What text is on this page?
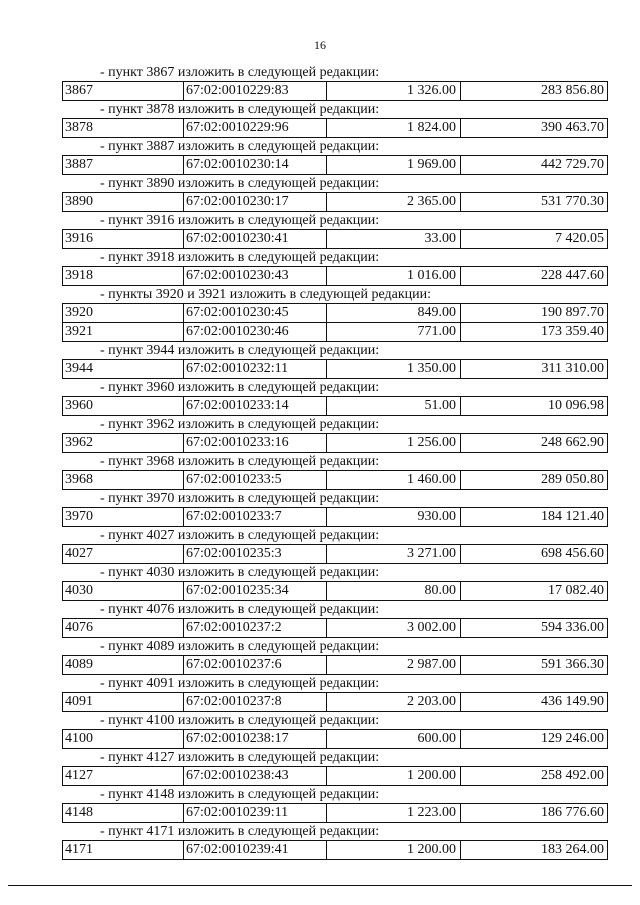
16
- пункт 3867 изложить в следующей редакции:
3867	67:02:0010229:83	1 326.00	283 856.80
- пункт 3878 изложить в следующей редакции:
3878	67:02:0010229:96	1 824.00	390 463.70
- пункт 3887 изложить в следующей редакции:
3887	67:02:0010230:14	1 969.00	442 729.70
- пункт 3890 изложить в следующей редакции:
3890	67:02:0010230:17	2 365.00	531 770.30
- пункт 3916 изложить в следующей редакции:
3916	67:02:0010230:41	33.00	7 420.05
- пункт 3918 изложить в следующей редакции:
3918	67:02:0010230:43	1 016.00	228 447.60
- пункты 3920 и 3921 изложить в следующей редакции:
3920	67:02:0010230:45	849.00	190 897.70
3921	67:02:0010230:46	771.00	173 359.40
- пункт 3944 изложить в следующей редакции:
3944	67:02:0010232:11	1 350.00	311 310.00
- пункт 3960 изложить в следующей редакции:
3960	67:02:0010233:14	51.00	10 096.98
- пункт 3962 изложить в следующей редакции:
3962	67:02:0010233:16	1 256.00	248 662.90
- пункт 3968 изложить в следующей редакции:
3968	67:02:0010233:5	1 460.00	289 050.80
- пункт 3970 изложить в следующей редакции:
3970	67:02:0010233:7	930.00	184 121.40
- пункт 4027 изложить в следующей редакции:
4027	67:02:0010235:3	3 271.00	698 456.60
- пункт 4030 изложить в следующей редакции:
4030	67:02:0010235:34	80.00	17 082.40
- пункт 4076 изложить в следующей редакции:
4076	67:02:0010237:2	3 002.00	594 336.00
- пункт 4089 изложить в следующей редакции:
4089	67:02:0010237:6	2 987.00	591 366.30
- пункт 4091 изложить в следующей редакции:
4091	67:02:0010237:8	2 203.00	436 149.90
- пункт 4100 изложить в следующей редакции:
4100	67:02:0010238:17	600.00	129 246.00
- пункт 4127 изложить в следующей редакции:
4127	67:02:0010238:43	1 200.00	258 492.00
- пункт 4148 изложить в следующей редакции:
4148	67:02:0010239:11	1 223.00	186 776.60
- пункт 4171 изложить в следующей редакции:
4171	67:02:0010239:41	1 200.00	183 264.00
